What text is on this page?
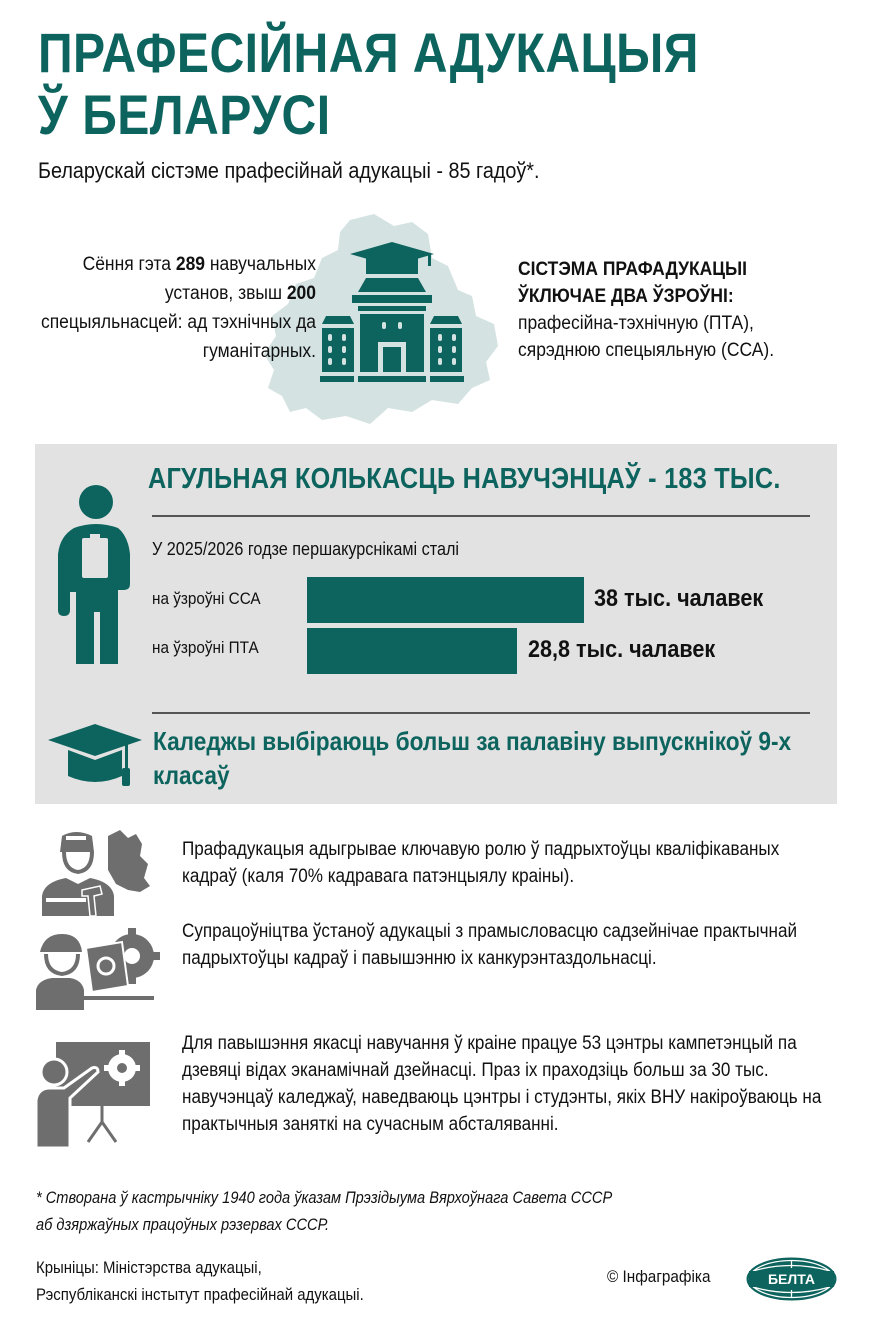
ПРАФЕСІЙНАЯ АДУКАЦЫЯ
Ў БЕЛАРУСІ
Беларускай сістэме прафесійнай адукацыі - 85 гадоў*.
Сёння гэта 289 навучальных установ, звыш 200 спецыяльнасцей: ад тэхнічных да гуманітарных.
СІСТЭМА ПРАФАДУКАЦЫІ ЎКЛЮЧАЕ ДВА ЎЗРОЎНІ:
прафесійна-тэхнічную (ПТА),
сярэднюю спецыяльную (ССА).
АГУЛЬНАЯ КОЛЬКАСЦЬ НАВУЧЭНЦАЎ - 183 ТЫС.
У 2025/2026 годзе першакурснікамі сталі
на ўзроўні ССА	38 тыс. чалавек
на ўзроўні ПТА	28,8 тыс. чалавек
Каледжы выбіраюць больш за палавіну выпускнікоў 9-х класаў
Прафадукацыя адыгрывае ключавую ролю ў падрыхтоўцы кваліфікаваных кадраў (каля 70% кадравага патэнцыялу краіны).
Супрацоўніцтва ўстаноў адукацыі з прамысловасцю садзейнічае практычнай падрыхтоўцы кадраў і павышэнню іх канкурэнтаздольнасці.
Для павышэння якасці навучання ў краіне працуе 53 цэнтры кампетэнцый па дзевяці відах эканамічнай дзейнасці. Праз іх праходзіць больш за 30 тыс. навучэнцаў каледжаў, наведваюць цэнтры і студэнты, якіх ВНУ накіроўваюць на практычныя заняткі на сучасным абсталяванні.
* Створана ў кастрычніку 1940 года ўказам Прэзідыума Вярхоўнага Савета СССР
аб дзяржаўных працоўных рэзервах СССР.
Крыніцы: Міністэрства адукацыі,
Рэспубліканскі інстытут прафесійнай адукацыі.
© Інфаграфіка	БЕЛТА
